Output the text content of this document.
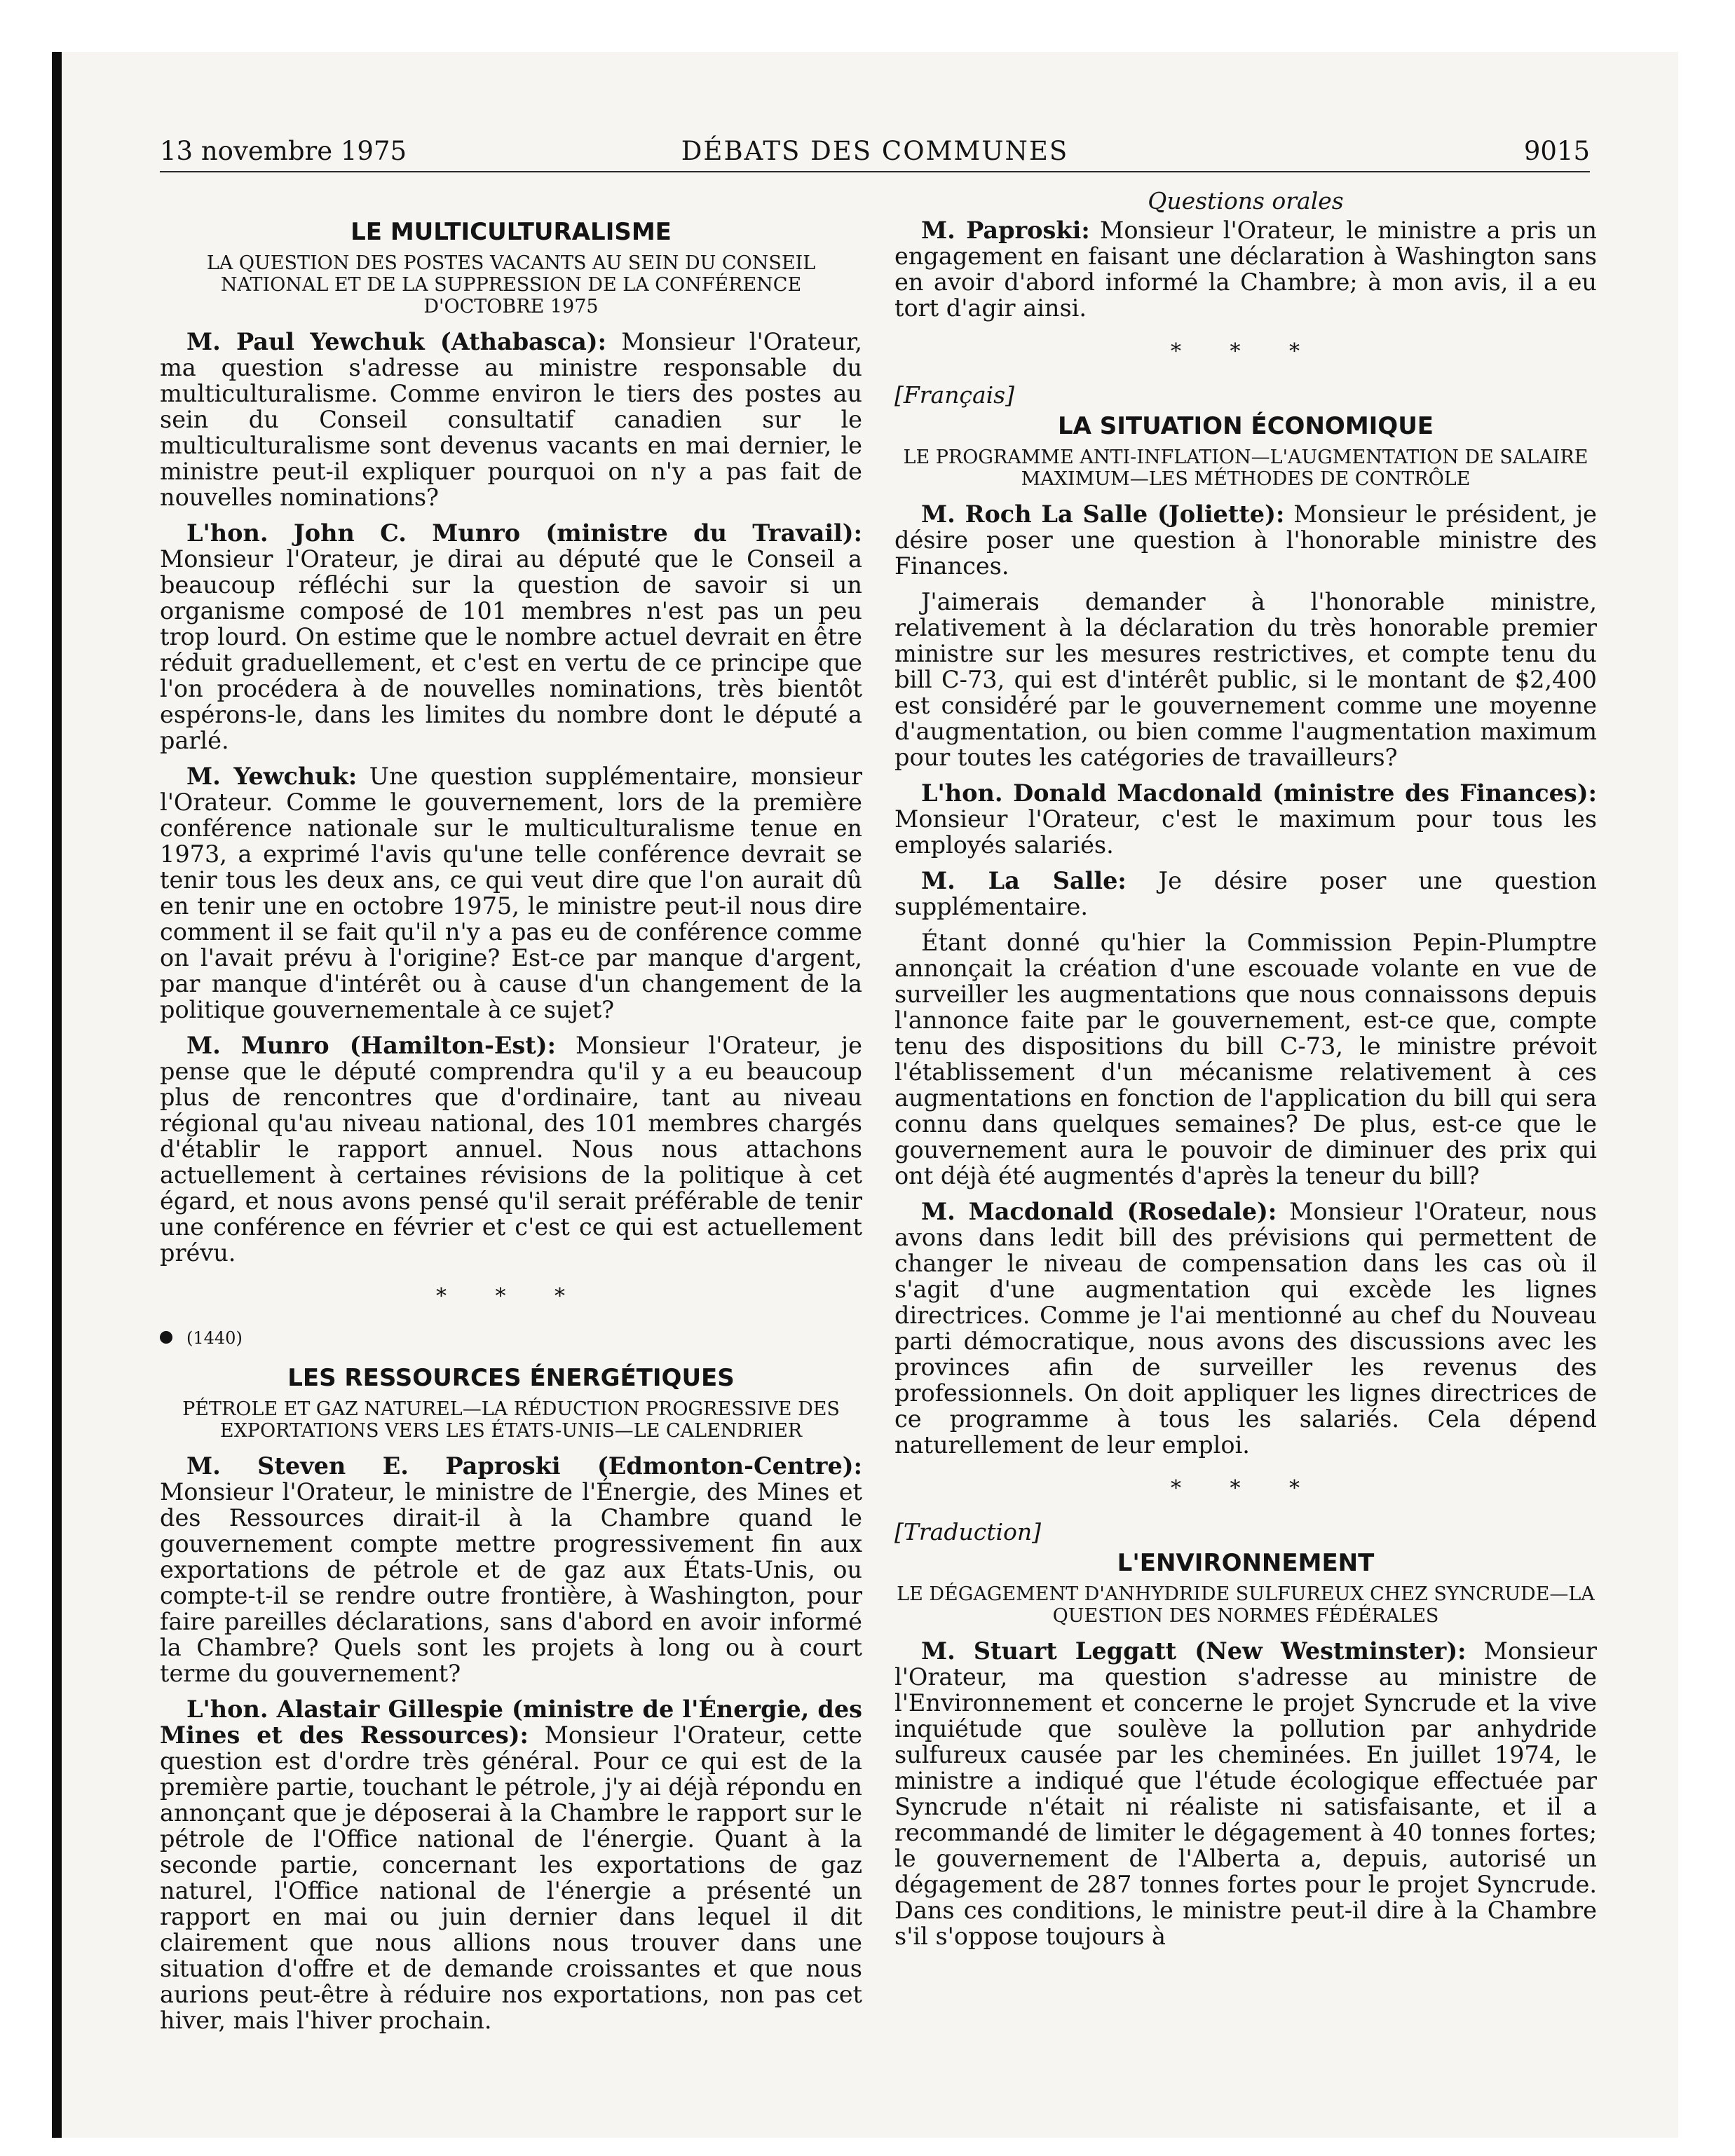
13 novembre 1975	DÉBATS DES COMMUNES	9015
LE MULTICULTURALISME
LA QUESTION DES POSTES VACANTS AU SEIN DU CONSEIL NATIONAL ET DE LA SUPPRESSION DE LA CONFÉRENCE D'OCTOBRE 1975

M. Paul Yewchuk (Athabasca): Monsieur l'Orateur, ma question s'adresse au ministre responsable du multiculturalisme. Comme environ le tiers des postes au sein du Conseil consultatif canadien sur le multiculturalisme sont devenus vacants en mai dernier, le ministre peut-il expliquer pourquoi on n'y a pas fait de nouvelles nominations?

L'hon. John C. Munro (ministre du Travail): Monsieur l'Orateur, je dirai au député que le Conseil a beaucoup réfléchi sur la question de savoir si un organisme composé de 101 membres n'est pas un peu trop lourd. On estime que le nombre actuel devrait en être réduit graduellement, et c'est en vertu de ce principe que l'on procédera à de nouvelles nominations, très bientôt espérons-le, dans les limites du nombre dont le député a parlé.

M. Yewchuk: Une question supplémentaire, monsieur l'Orateur. Comme le gouvernement, lors de la première conférence nationale sur le multiculturalisme tenue en 1973, a exprimé l'avis qu'une telle conférence devrait se tenir tous les deux ans, ce qui veut dire que l'on aurait dû en tenir une en octobre 1975, le ministre peut-il nous dire comment il se fait qu'il n'y a pas eu de conférence comme on l'avait prévu à l'origine? Est-ce par manque d'argent, par manque d'intérêt ou à cause d'un changement de la politique gouvernementale à ce sujet?

M. Munro (Hamilton-Est): Monsieur l'Orateur, je pense que le député comprendra qu'il y a eu beaucoup plus de rencontres que d'ordinaire, tant au niveau régional qu'au niveau national, des 101 membres chargés d'établir le rapport annuel. Nous nous attachons actuellement à certaines révisions de la politique à cet égard, et nous avons pensé qu'il serait préférable de tenir une conférence en février et c'est ce qui est actuellement prévu.

* * *
(1440)
LES RESSOURCES ÉNERGÉTIQUES
PÉTROLE ET GAZ NATUREL—LA RÉDUCTION PROGRESSIVE DES EXPORTATIONS VERS LES ÉTATS-UNIS—LE CALENDRIER

M. Steven E. Paproski (Edmonton-Centre): Monsieur l'Orateur, le ministre de l'Énergie, des Mines et des Ressources dirait-il à la Chambre quand le gouvernement compte mettre progressivement fin aux exportations de pétrole et de gaz aux États-Unis, ou compte-t-il se rendre outre frontière, à Washington, pour faire pareilles déclarations, sans d'abord en avoir informé la Chambre? Quels sont les projets à long ou à court terme du gouvernement?

L'hon. Alastair Gillespie (ministre de l'Énergie, des Mines et des Ressources): Monsieur l'Orateur, cette question est d'ordre très général. Pour ce qui est de la première partie, touchant le pétrole, j'y ai déjà répondu en annonçant que je déposerai à la Chambre le rapport sur le pétrole de l'Office national de l'énergie. Quant à la seconde partie, concernant les exportations de gaz naturel, l'Office national de l'énergie a présenté un rapport en mai ou juin dernier dans lequel il dit clairement que nous allions nous trouver dans une situation d'offre et de demande croissantes et que nous aurions peut-être à réduire nos exportations, non pas cet hiver, mais l'hiver prochain.

Questions orales

M. Paproski: Monsieur l'Orateur, le ministre a pris un engagement en faisant une déclaration à Washington sans en avoir d'abord informé la Chambre; à mon avis, il a eu tort d'agir ainsi.

* * *
[Français]
LA SITUATION ÉCONOMIQUE
LE PROGRAMME ANTI-INFLATION—L'AUGMENTATION DE SALAIRE MAXIMUM—LES MÉTHODES DE CONTRÔLE

M. Roch La Salle (Joliette): Monsieur le président, je désire poser une question à l'honorable ministre des Finances.

J'aimerais demander à l'honorable ministre, relativement à la déclaration du très honorable premier ministre sur les mesures restrictives, et compte tenu du bill C-73, qui est d'intérêt public, si le montant de $2,400 est considéré par le gouvernement comme une moyenne d'augmentation, ou bien comme l'augmentation maximum pour toutes les catégories de travailleurs?

L'hon. Donald Macdonald (ministre des Finances): Monsieur l'Orateur, c'est le maximum pour tous les employés salariés.

M. La Salle: Je désire poser une question supplémentaire.

Étant donné qu'hier la Commission Pepin-Plumptre annonçait la création d'une escouade volante en vue de surveiller les augmentations que nous connaissons depuis l'annonce faite par le gouvernement, est-ce que, compte tenu des dispositions du bill C-73, le ministre prévoit l'établissement d'un mécanisme relativement à ces augmentations en fonction de l'application du bill qui sera connu dans quelques semaines? De plus, est-ce que le gouvernement aura le pouvoir de diminuer des prix qui ont déjà été augmentés d'après la teneur du bill?

M. Macdonald (Rosedale): Monsieur l'Orateur, nous avons dans ledit bill des prévisions qui permettent de changer le niveau de compensation dans les cas où il s'agit d'une augmentation qui excède les lignes directrices. Comme je l'ai mentionné au chef du Nouveau parti démocratique, nous avons des discussions avec les provinces afin de surveiller les revenus des professionnels. On doit appliquer les lignes directrices de ce programme à tous les salariés. Cela dépend naturellement de leur emploi.

* * *
[Traduction]
L'ENVIRONNEMENT
LE DÉGAGEMENT D'ANHYDRIDE SULFUREUX CHEZ SYNCRUDE—LA QUESTION DES NORMES FÉDÉRALES

M. Stuart Leggatt (New Westminster): Monsieur l'Orateur, ma question s'adresse au ministre de l'Environnement et concerne le projet Syncrude et la vive inquiétude que soulève la pollution par anhydride sulfureux causée par les cheminées. En juillet 1974, le ministre a indiqué que l'étude écologique effectuée par Syncrude n'était ni réaliste ni satisfaisante, et il a recommandé de limiter le dégagement à 40 tonnes fortes; le gouvernement de l'Alberta a, depuis, autorisé un dégagement de 287 tonnes fortes pour le projet Syncrude. Dans ces conditions, le ministre peut-il dire à la Chambre s'il s'oppose toujours à
